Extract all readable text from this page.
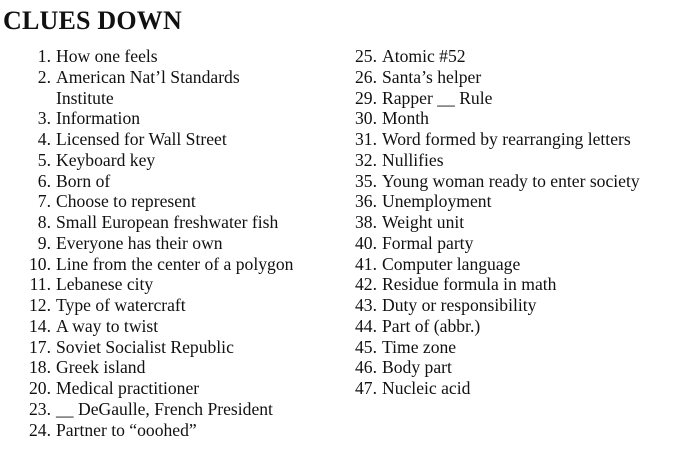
CLUES DOWN
1. How one feels
2. American Nat’l Standards Institute
3. Information
4. Licensed for Wall Street
5. Keyboard key
6. Born of
7. Choose to represent
8. Small European freshwater fish
9. Everyone has their own
10. Line from the center of a polygon
11. Lebanese city
12. Type of watercraft
14. A way to twist
17. Soviet Socialist Republic
18. Greek island
20. Medical practitioner
23. __ DeGaulle, French President
24. Partner to “ooohed”
25. Atomic #52
26. Santa’s helper
29. Rapper __ Rule
30. Month
31. Word formed by rearranging letters
32. Nullifies
35. Young woman ready to enter society
36. Unemployment
38. Weight unit
40. Formal party
41. Computer language
42. Residue formula in math
43. Duty or responsibility
44. Part of (abbr.)
45. Time zone
46. Body part
47. Nucleic acid
